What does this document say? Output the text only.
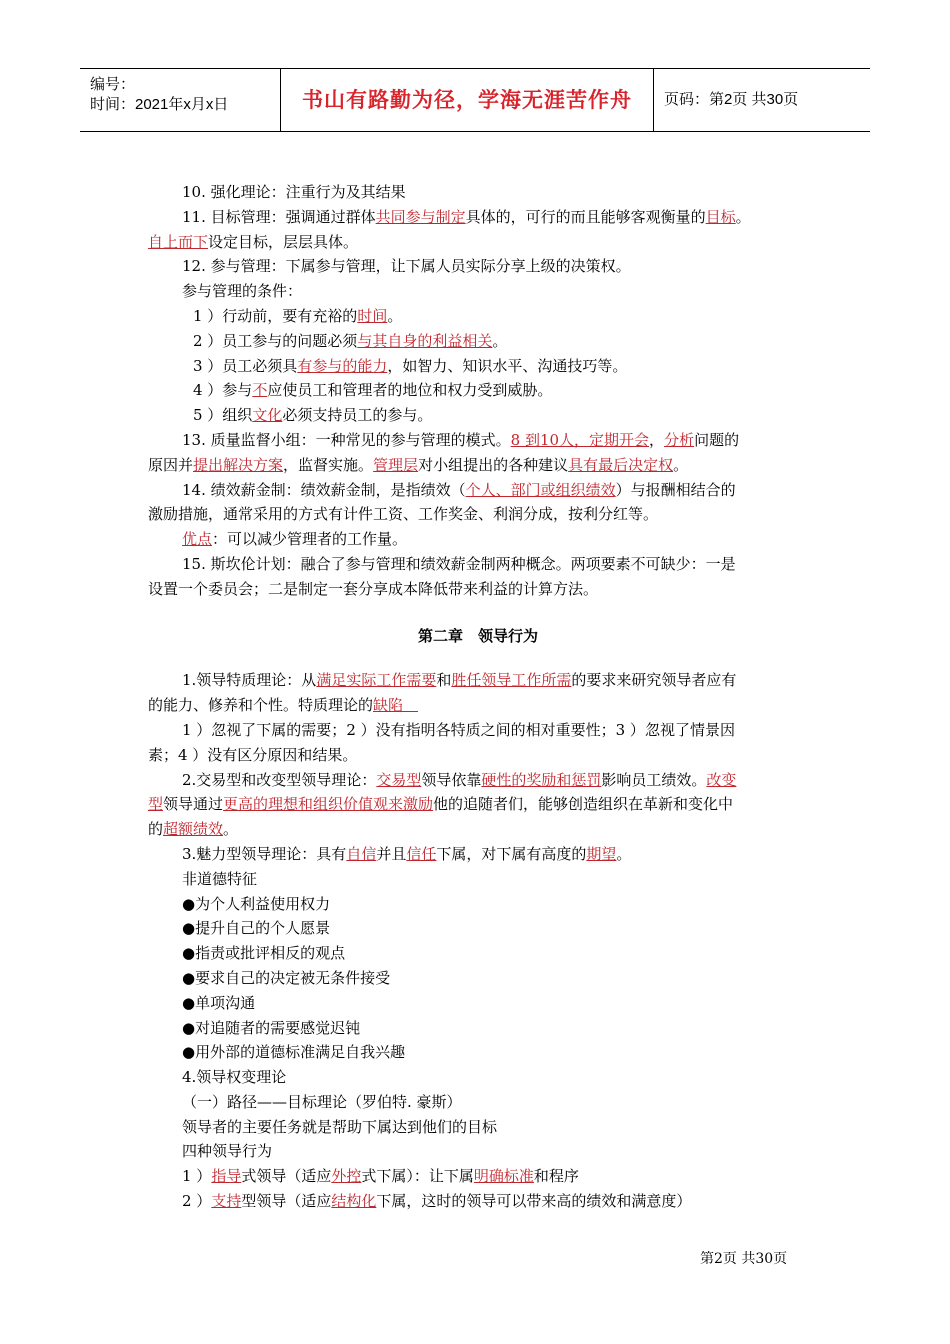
编号：
时间：2021年x月x日	书山有路勤为径，学海无涯苦作舟	页码：第2页 共30页
10. 强化理论：注重行为及其结果
11. 目标管理：强调通过群体共同参与制定具体的，可行的而且能够客观衡量的目标。
自上而下设定目标，层层具体。
12. 参与管理：下属参与管理，让下属人员实际分享上级的决策权。
参与管理的条件：
1 ）行动前，要有充裕的时间。
2 ）员工参与的问题必须与其自身的利益相关。
3 ）员工必须具有参与的能力，如智力、知识水平、沟通技巧等。
4 ）参与不应使员工和管理者的地位和权力受到威胁。
5 ）组织文化必须支持员工的参与。
13. 质量监督小组：一种常见的参与管理的模式。8 到10人，定期开会，分析问题的
原因并提出解决方案，监督实施。管理层对小组提出的各种建议具有最后决定权。
14. 绩效薪金制：绩效薪金制，是指绩效（个人、部门或组织绩效）与报酬相结合的
激励措施，通常采用的方式有计件工资、工作奖金、利润分成，按利分红等。
优点：可以减少管理者的工作量。
15. 斯坎伦计划：融合了参与管理和绩效薪金制两种概念。两项要素不可缺少：一是
设置一个委员会；二是制定一套分享成本降低带来利益的计算方法。
第二章　领导行为
1.领导特质理论：从满足实际工作需要和胜任领导工作所需的要求来研究领导者应有
的能力、修养和个性。特质理论的缺陷　
1 ）忽视了下属的需要；2 ）没有指明各特质之间的相对重要性；3 ）忽视了情景因
素；4 ）没有区分原因和结果。
2.交易型和改变型领导理论：交易型领导依靠硬性的奖励和惩罚影响员工绩效。改变
型领导通过更高的理想和组织价值观来激励他的追随者们，能够创造组织在革新和变化中
的超额绩效。
3.魅力型领导理论：具有自信并且信任下属，对下属有高度的期望。
非道德特征
●为个人利益使用权力
●提升自己的个人愿景
●指责或批评相反的观点
●要求自己的决定被无条件接受
●单项沟通
●对追随者的需要感觉迟钝
●用外部的道德标准满足自我兴趣
4.领导权变理论
（一）路径——目标理论（罗伯特. 豪斯）
领导者的主要任务就是帮助下属达到他们的目标
四种领导行为
1 ）指导式领导（适应外控式下属）：让下属明确标准和程序
2 ）支持型领导（适应结构化下属，这时的领导可以带来高的绩效和满意度）
第2页 共30页
